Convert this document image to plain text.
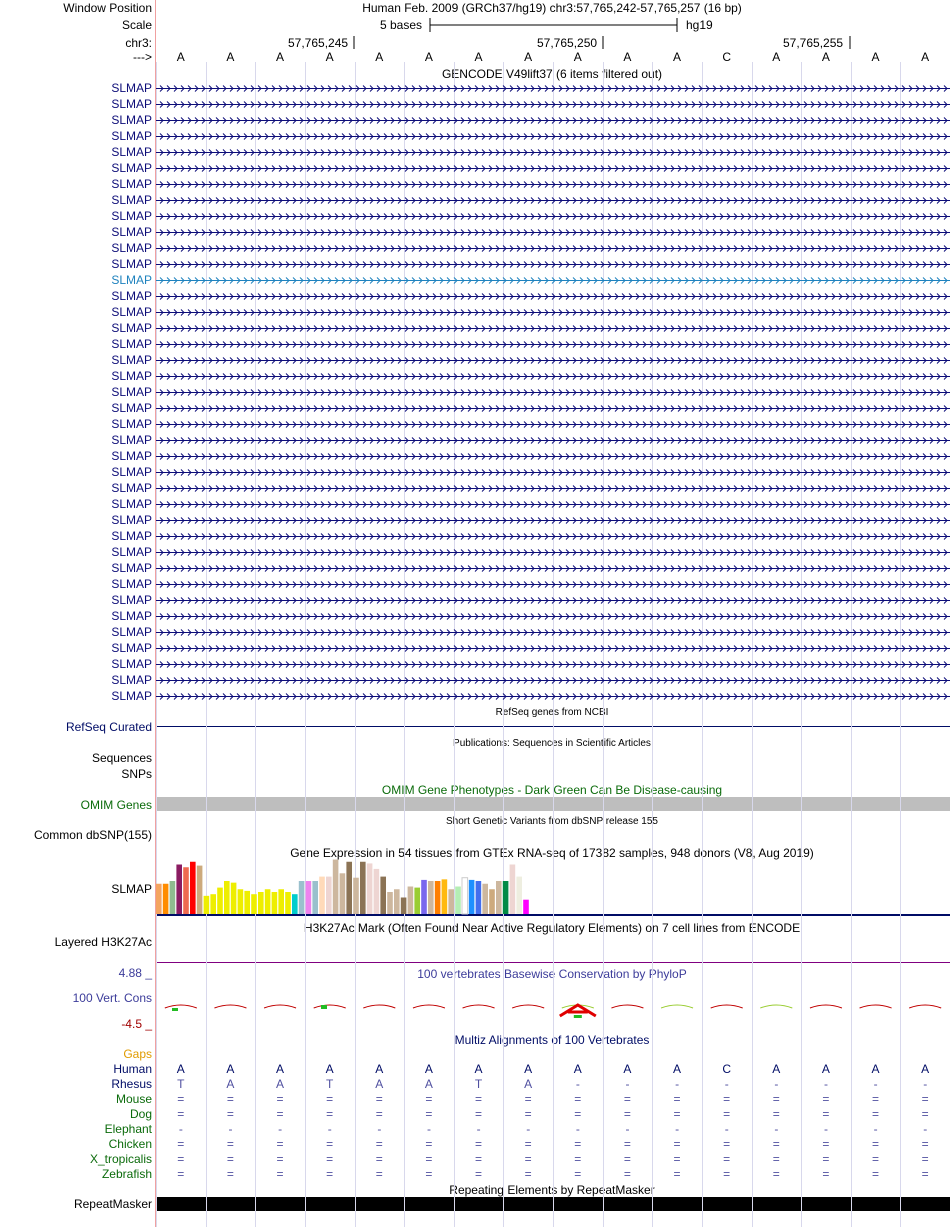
Window Position	Human Feb. 2009 (GRCh37/hg19) chr3:57,765,242-57,765,257 (16 bp)
Scale	5 bases	hg19
chr3:	57,765,245	57,765,250	57,765,255
---> A	A	A	A	A	A	A	A	A	A	A	C	A	A	A	A
GENCODE V49lift37 (6 items filtered out)
SLMAP
SLMAP
SLMAP
SLMAP
SLMAP
SLMAP
SLMAP
SLMAP
SLMAP
SLMAP
SLMAP
SLMAP
SLMAP
SLMAP
SLMAP
SLMAP
SLMAP
SLMAP
SLMAP
SLMAP
SLMAP
SLMAP
SLMAP
SLMAP
SLMAP
SLMAP
SLMAP
SLMAP
SLMAP
SLMAP
SLMAP
SLMAP
SLMAP
SLMAP
SLMAP
SLMAP
SLMAP
SLMAP
SLMAP
RefSeq genes from NCBI
RefSeq Curated
Publications: Sequences in Scientific Articles
Sequences
SNPs
OMIM Gene Phenotypes - Dark Green Can Be Disease-causing
OMIM Genes
Short Genetic Variants from dbSNP release 155
Common dbSNP(155)
Gene Expression in 54 tissues from GTEx RNA-seq of 17382 samples, 948 donors (V8, Aug 2019)
SLMAP
H3K27Ac Mark (Often Found Near Active Regulatory Elements) on 7 cell lines from ENCODE
Layered H3K27Ac
100 vertebrates Basewise Conservation by PhyloP
4.88 _
100 Vert. Cons
-4.5 _
Multiz Alignments of 100 Vertebrates
Gaps
Human A	A	A	A	A	A	A	A	A	A	A	C	A	A	A	A
Rhesus T	A	A	T	A	A	T	A	-	-	-	-	-	-	-	-
Mouse =	=	=	=	=	=	=	=	=	=	=	=	=	=	=	=
Dog =	=	=	=	=	=	=	=	=	=	=	=	=	=	=	=
Elephant -	-	-	-	-	-	-	-	-	-	-	-	-	-	-	-
Chicken =	=	=	=	=	=	=	=	=	=	=	=	=	=	=	=
X_tropicalis =	=	=	=	=	=	=	=	=	=	=	=	=	=	=	=
Zebrafish =	=	=	=	=	=	=	=	=	=	=	=	=	=	=	=
Repeating Elements by RepeatMasker
RepeatMasker
